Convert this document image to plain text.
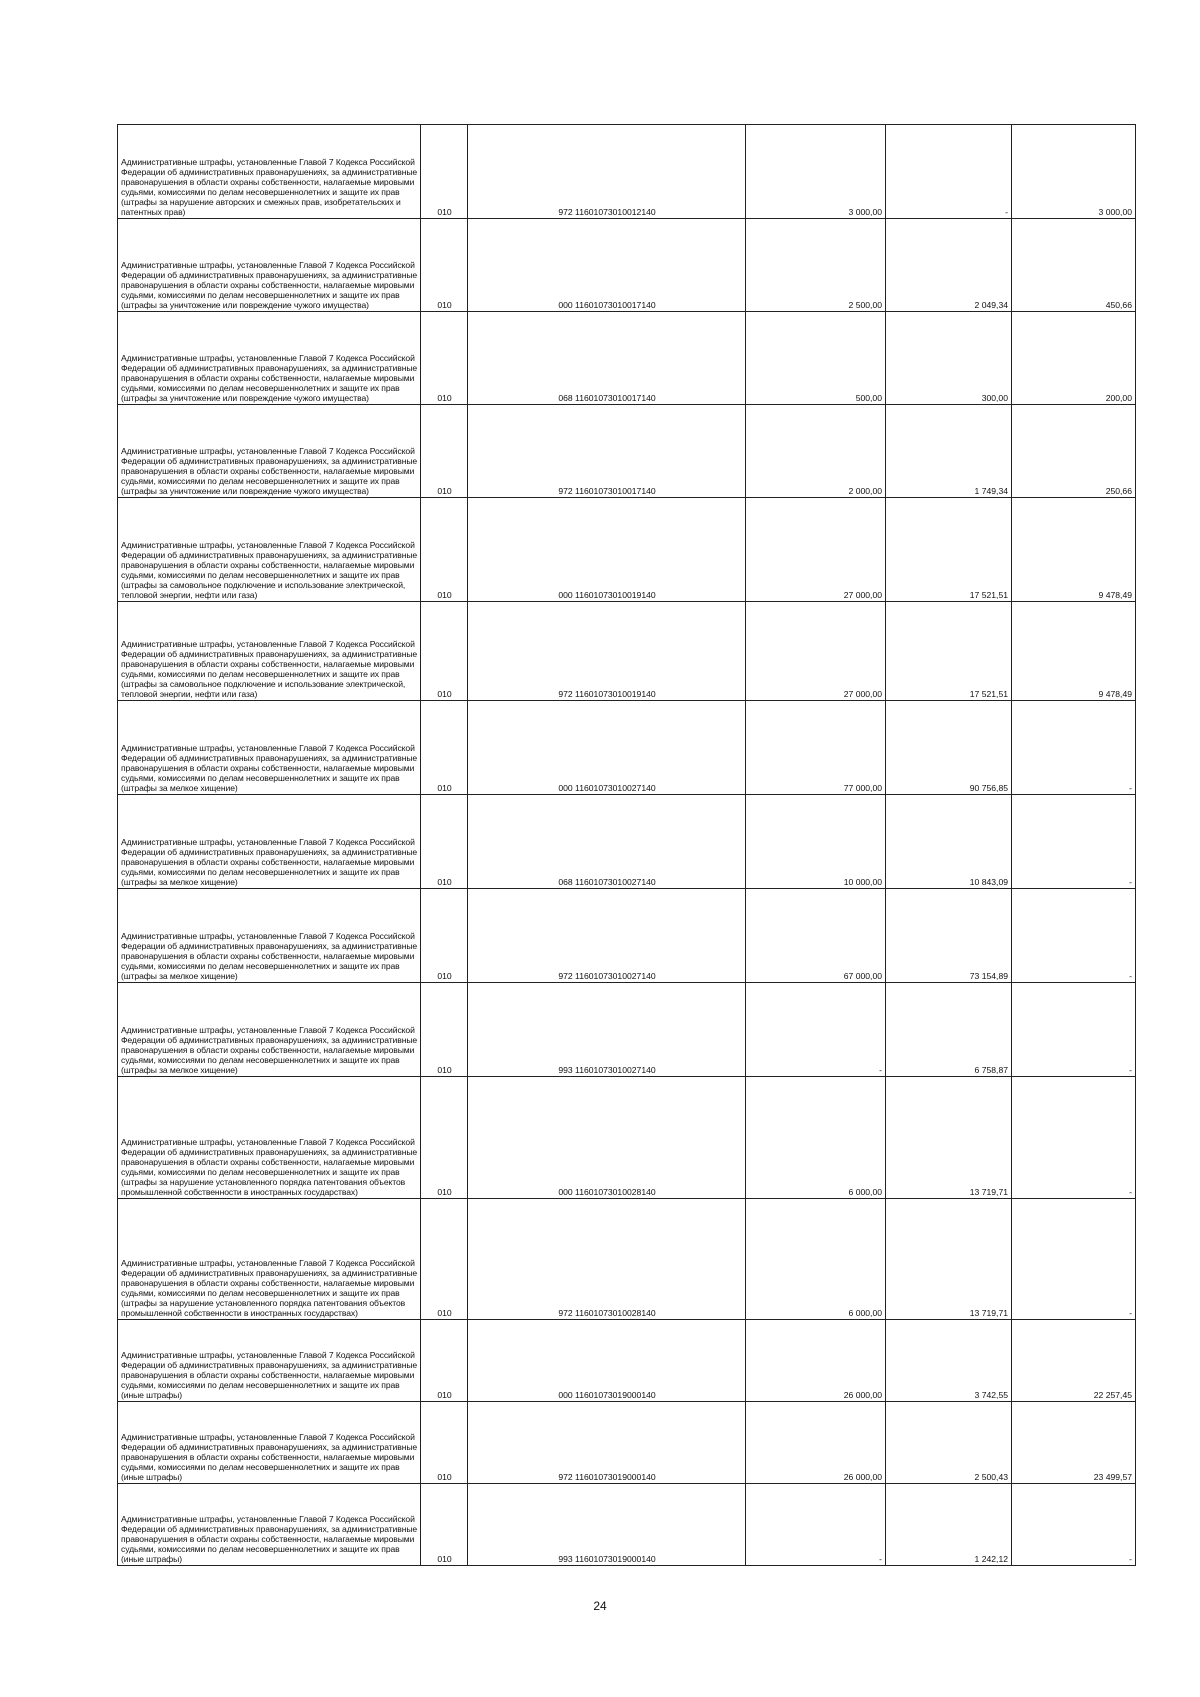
Административные штрафы, установленные Главой 7 Кодекса Российской Федерации об административных правонарушениях, за административные правонарушения в области охраны собственности, налагаемые мировыми судьями, комиссиями по делам несовершеннолетних и защите их прав (штрафы за нарушение авторских и смежных прав, изобретательских и патентных прав)	010	972 11601073010012140	3 000,00	-	3 000,00
Административные штрафы, установленные Главой 7 Кодекса Российской Федерации об административных правонарушениях, за административные правонарушения в области охраны собственности, налагаемые мировыми судьями, комиссиями по делам несовершеннолетних и защите их прав (штрафы за уничтожение или повреждение чужого имущества)	010	000 11601073010017140	2 500,00	2 049,34	450,66
Административные штрафы, установленные Главой 7 Кодекса Российской Федерации об административных правонарушениях, за административные правонарушения в области охраны собственности, налагаемые мировыми судьями, комиссиями по делам несовершеннолетних и защите их прав (штрафы за уничтожение или повреждение чужого имущества)	010	068 11601073010017140	500,00	300,00	200,00
Административные штрафы, установленные Главой 7 Кодекса Российской Федерации об административных правонарушениях, за административные правонарушения в области охраны собственности, налагаемые мировыми судьями, комиссиями по делам несовершеннолетних и защите их прав (штрафы за уничтожение или повреждение чужого имущества)	010	972 11601073010017140	2 000,00	1 749,34	250,66
Административные штрафы, установленные Главой 7 Кодекса Российской Федерации об административных правонарушениях, за административные правонарушения в области охраны собственности, налагаемые мировыми судьями, комиссиями по делам несовершеннолетних и защите их прав (штрафы за самовольное подключение и использование электрической, тепловой энергии, нефти или газа)	010	000 11601073010019140	27 000,00	17 521,51	9 478,49
Административные штрафы, установленные Главой 7 Кодекса Российской Федерации об административных правонарушениях, за административные правонарушения в области охраны собственности, налагаемые мировыми судьями, комиссиями по делам несовершеннолетних и защите их прав (штрафы за самовольное подключение и использование электрической, тепловой энергии, нефти или газа)	010	972 11601073010019140	27 000,00	17 521,51	9 478,49
Административные штрафы, установленные Главой 7 Кодекса Российской Федерации об административных правонарушениях, за административные правонарушения в области охраны собственности, налагаемые мировыми судьями, комиссиями по делам несовершеннолетних и защите их прав (штрафы за мелкое хищение)	010	000 11601073010027140	77 000,00	90 756,85	-
Административные штрафы, установленные Главой 7 Кодекса Российской Федерации об административных правонарушениях, за административные правонарушения в области охраны собственности, налагаемые мировыми судьями, комиссиями по делам несовершеннолетних и защите их прав (штрафы за мелкое хищение)	010	068 11601073010027140	10 000,00	10 843,09	-
Административные штрафы, установленные Главой 7 Кодекса Российской Федерации об административных правонарушениях, за административные правонарушения в области охраны собственности, налагаемые мировыми судьями, комиссиями по делам несовершеннолетних и защите их прав (штрафы за мелкое хищение)	010	972 11601073010027140	67 000,00	73 154,89	-
Административные штрафы, установленные Главой 7 Кодекса Российской Федерации об административных правонарушениях, за административные правонарушения в области охраны собственности, налагаемые мировыми судьями, комиссиями по делам несовершеннолетних и защите их прав (штрафы за мелкое хищение)	010	993 11601073010027140	-	6 758,87	-
Административные штрафы, установленные Главой 7 Кодекса Российской Федерации об административных правонарушениях, за административные правонарушения в области охраны собственности, налагаемые мировыми судьями, комиссиями по делам несовершеннолетних и защите их прав (штрафы за нарушение установленного порядка патентования объектов промышленной собственности в иностранных государствах)	010	000 11601073010028140	6 000,00	13 719,71	-
Административные штрафы, установленные Главой 7 Кодекса Российской Федерации об административных правонарушениях, за административные правонарушения в области охраны собственности, налагаемые мировыми судьями, комиссиями по делам несовершеннолетних и защите их прав (штрафы за нарушение установленного порядка патентования объектов промышленной собственности в иностранных государствах)	010	972 11601073010028140	6 000,00	13 719,71	-
Административные штрафы, установленные Главой 7 Кодекса Российской Федерации об административных правонарушениях, за административные правонарушения в области охраны собственности, налагаемые мировыми судьями, комиссиями по делам несовершеннолетних и защите их прав (иные штрафы)	010	000 11601073019000140	26 000,00	3 742,55	22 257,45
Административные штрафы, установленные Главой 7 Кодекса Российской Федерации об административных правонарушениях, за административные правонарушения в области охраны собственности, налагаемые мировыми судьями, комиссиями по делам несовершеннолетних и защите их прав (иные штрафы)	010	972 11601073019000140	26 000,00	2 500,43	23 499,57
Административные штрафы, установленные Главой 7 Кодекса Российской Федерации об административных правонарушениях, за административные правонарушения в области охраны собственности, налагаемые мировыми судьями, комиссиями по делам несовершеннолетних и защите их прав (иные штрафы)	010	993 11601073019000140	-	1 242,12	-
24
